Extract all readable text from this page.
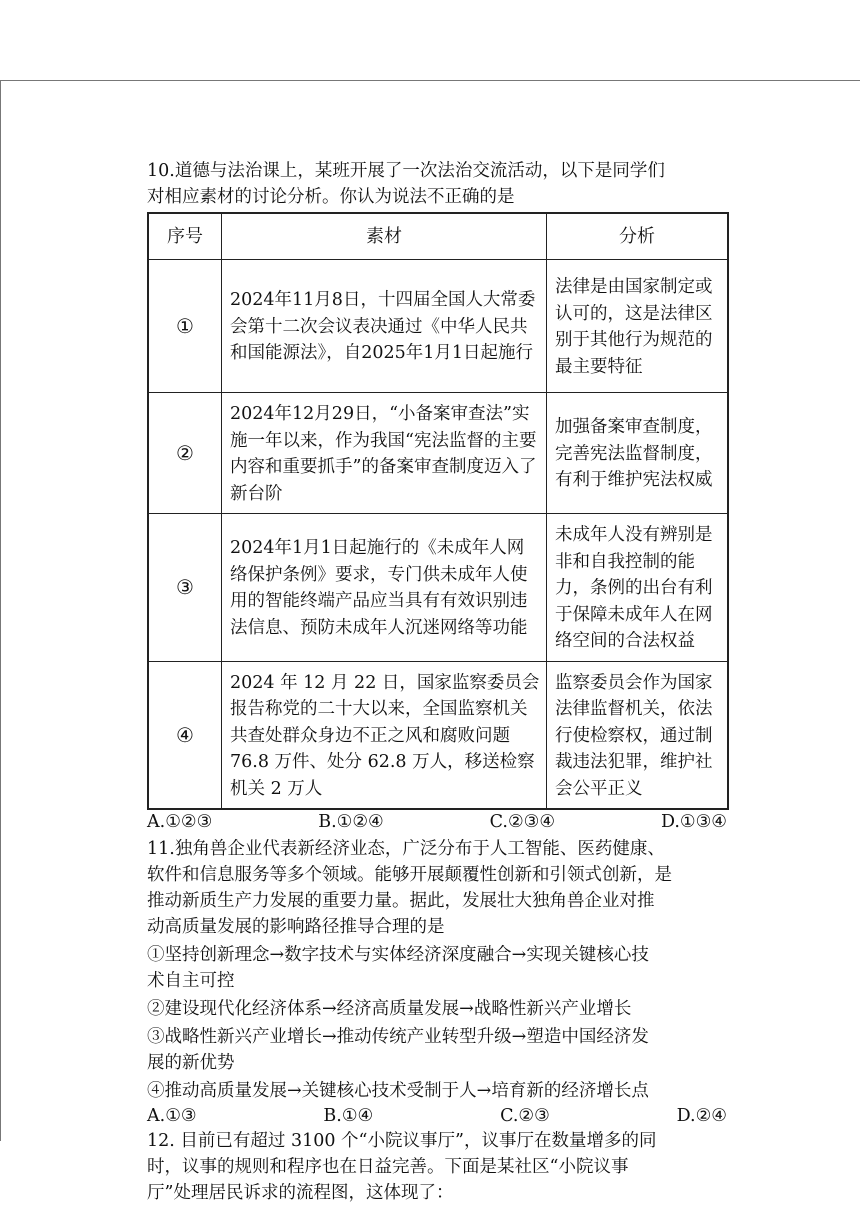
10.道德与法治课上，某班开展了一次法治交流活动，以下是同学们
对相应素材的讨论分析。你认为说法不正确的是
序号	素材	分析
①	2024年11月8日，十四届全国人大常委会第十二次会议表决通过《中华人民共和国能源法》，自2025年1月1日起施行	法律是由国家制定或认可的，这是法律区别于其他行为规范的最主要特征
②	2024年12月29日，“小备案审查法”实施一年以来，作为我国“宪法监督的主要内容和重要抓手”的备案审查制度迈入了新台阶	加强备案审查制度，完善宪法监督制度，有利于维护宪法权威
③	2024年1月1日起施行的《未成年人网络保护条例》要求，专门供未成年人使用的智能终端产品应当具有有效识别违法信息、预防未成年人沉迷网络等功能	未成年人没有辨别是非和自我控制的能力，条例的出台有利于保障未成年人在网络空间的合法权益
④	2024 年 12 月 22 日，国家监察委员会报告称党的二十大以来，全国监察机关共查处群众身边不正之风和腐败问题 76.8 万件、处分 62.8 万人，移送检察机关 2 万人	监察委员会作为国家法律监督机关，依法行使检察权，通过制裁违法犯罪，维护社会公平正义
A.①②③	B.①②④	C.②③④	D.①③④
11.独角兽企业代表新经济业态，广泛分布于人工智能、医药健康、
软件和信息服务等多个领域。能够开展颠覆性创新和引领式创新，是
推动新质生产力发展的重要力量。据此，发展壮大独角兽企业对推
动高质量发展的影响路径推导合理的是
①坚持创新理念→数字技术与实体经济深度融合→实现关键核心技
术自主可控
②建设现代化经济体系→经济高质量发展→战略性新兴产业增长
③战略性新兴产业增长→推动传统产业转型升级→塑造中国经济发
展的新优势
④推动高质量发展→关键核心技术受制于人→培育新的经济增长点
A.①③	B.①④	C.②③	D.②④
12. 目前已有超过 3100 个“小院议事厅”，议事厅在数量增多的同
时，议事的规则和程序也在日益完善。下面是某社区“小院议事
厅”处理居民诉求的流程图，这体现了：
